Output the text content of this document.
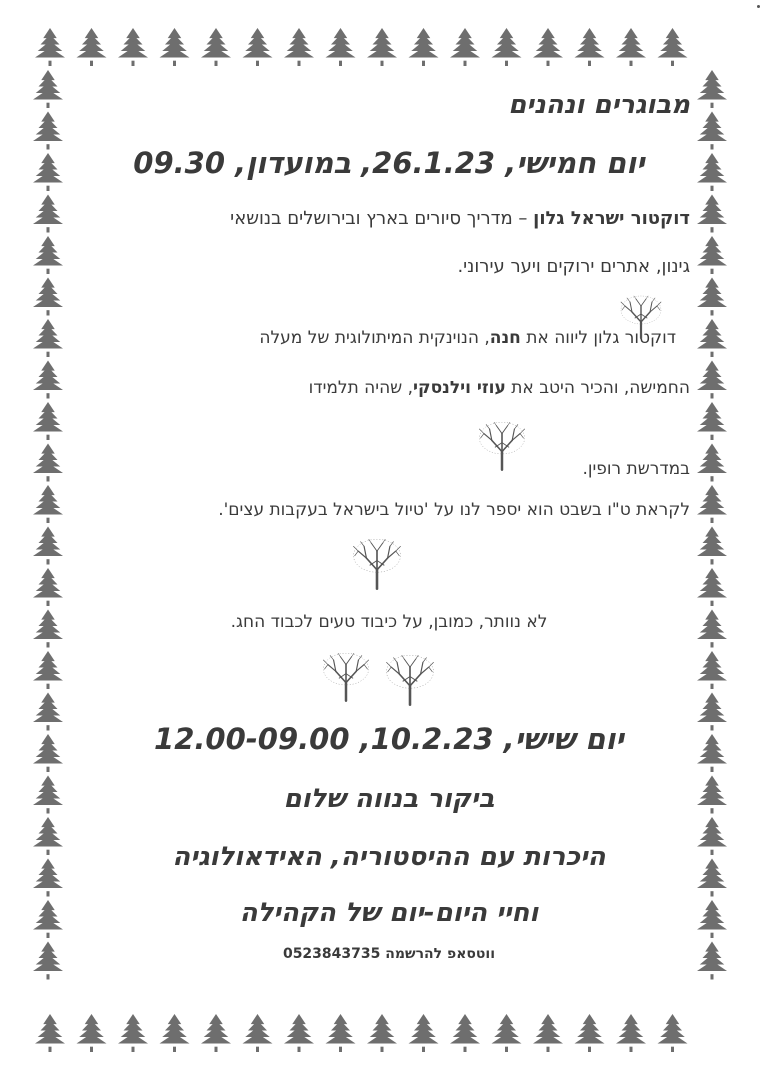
מבוגרים ונהנים
יום חמישי, 26.1.23, במועדון, 09.30
דוקטור ישראל גלון – מדריך סיורים בארץ ובירושלים בנושאי
גינון, אתרים ירוקים ויער עירוני.
דוקטור גלון ליווה את חנה, הנוינקית המיתולוגית של מעלה
החמישה, והכיר היטב את עוזי וילנסקי, שהיה תלמידו
במדרשת רופין.
לקראת ט"ו בשבט הוא יספר לנו על 'טיול בישראל בעקבות עצים'.
לא נוותר, כמובן, על כיבוד טעים לכבוד החג.
יום שישי, 10.2.23, 12.00-09.00
ביקור בנווה שלום
היכרות עם ההיסטוריה, האידאולוגיה
וחיי היום-יום של הקהילה
ווטסאפ להרשמה 0523843735
